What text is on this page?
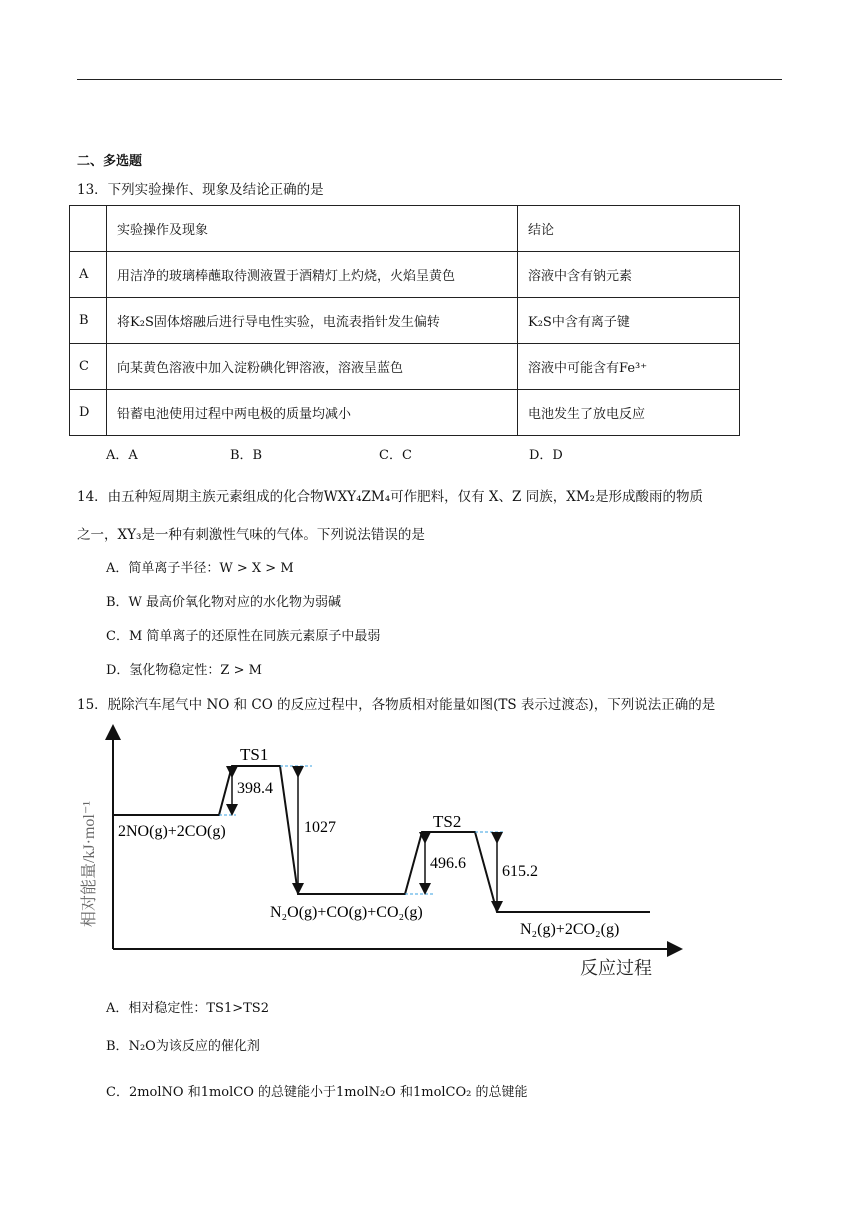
二、多选题
13．下列实验操作、现象及结论正确的是
	实验操作及现象	结论
A	用洁净的玻璃棒蘸取待测液置于酒精灯上灼烧，火焰呈黄色	溶液中含有钠元素
B	将K₂S固体熔融后进行导电性实验，电流表指针发生偏转	K₂S中含有离子键
C	向某黄色溶液中加入淀粉碘化钾溶液，溶液呈蓝色	溶液中可能含有Fe³⁺
D	铅蓄电池使用过程中两电极的质量均减小	电池发生了放电反应
A．A	B．B	C．C	D．D
14．由五种短周期主族元素组成的化合物WXY₄ZM₄可作肥料，仅有 X、Z 同族，XM₂是形成酸雨的物质
之一，XY₃是一种有刺激性气味的气体。下列说法错误的是
A．简单离子半径：W > X > M
B．W 最高价氧化物对应的水化物为弱碱
C．M 简单离子的还原性在同族元素原子中最弱
D．氢化物稳定性：Z > M
15．脱除汽车尾气中 NO 和 CO 的反应过程中，各物质相对能量如图(TS 表示过渡态)，下列说法正确的是
相对能量/kJ·mol⁻¹
反应过程
TS1
398.4
2NO(g)+2CO(g)	1027	TS2
496.6 615.2
N₂O(g)+CO(g)+CO₂(g)
N₂(g)+2CO₂(g)
A．相对稳定性：TS1>TS2
B．N₂O为该反应的催化剂
C．2molNO 和1molCO 的总键能小于1molN₂O 和1molCO₂ 的总键能
